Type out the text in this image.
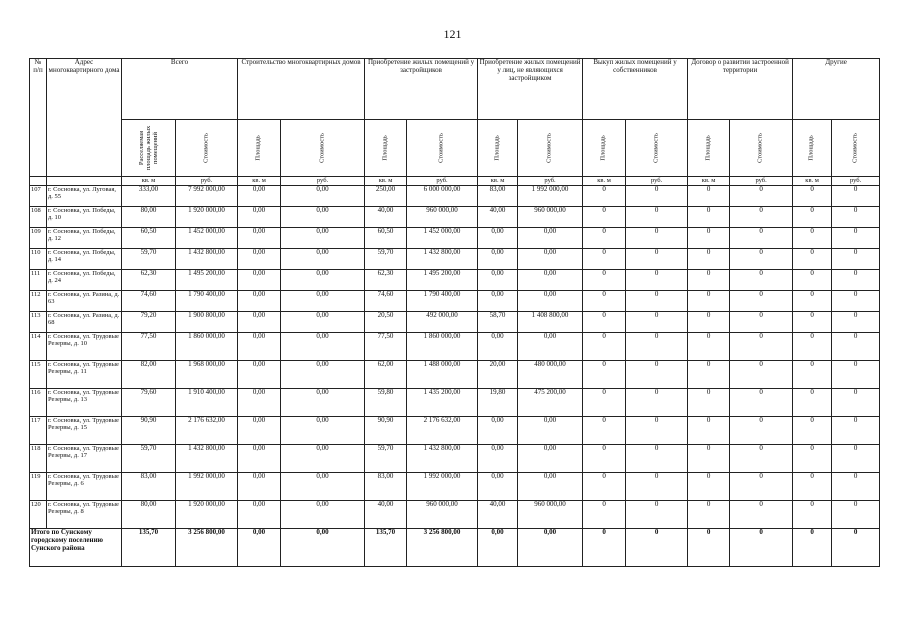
121
№ п/п	Адрес многоквартирного дома	Всего		Строительство многоквартирных домов		Приобретение жилых помещений у застройщиков		Приобретение жилых помещений у лиц, не являющихся застройщиком		Выкуп жилых помещений у собственников		Договор о развитии застроенной территории		Другие	

		Расселяемая площадь жилых помещений	Стоимость	Площадь	Стоимость	Площадь	Стоимость	Площадь	Стоимость	Площадь	Стоимость	Площадь	Стоимость	Площадь	Стоимость

		кв. м	руб.	кв. м	руб.	кв. м	руб.	кв. м	руб.	кв. м	руб.	кв. м	руб.	кв. м	руб.
107	г. Сосновка, ул. Луговая, д. 55	333,00	7 992 000,00	0,00	0,00	250,00	6 000 000,00	83,00	1 992 000,00	0	0	0	0	0	0
108	г. Сосновка, ул. Победы, д. 10	80,00	1 920 000,00	0,00	0,00	40,00	960 000,00	40,00	960 000,00	0	0	0	0	0	0
109	г. Сосновка, ул. Победы, д. 12	60,50	1 452 000,00	0,00	0,00	60,50	1 452 000,00	0,00	0,00	0	0	0	0	0	0
110	г. Сосновка, ул. Победы, д. 14	59,70	1 432 800,00	0,00	0,00	59,70	1 432 800,00	0,00	0,00	0	0	0	0	0	0
111	г. Сосновка, ул. Победы, д. 24	62,30	1 495 200,00	0,00	0,00	62,30	1 495 200,00	0,00	0,00	0	0	0	0	0	0
112	г. Сосновка, ул. Разина, д. 63	74,60	1 790 400,00	0,00	0,00	74,60	1 790 400,00	0,00	0,00	0	0	0	0	0	0
113	г. Сосновка, ул. Разина, д. 68	79,20	1 900 800,00	0,00	0,00	20,50	492 000,00	58,70	1 408 800,00	0	0	0	0	0	0
114	г. Сосновка, ул. Трудовые Резервы, д. 10	77,50	1 860 000,00	0,00	0,00	77,50	1 860 000,00	0,00	0,00	0	0	0	0	0	0
115	г. Сосновка, ул. Трудовые Резервы, д. 11	82,00	1 968 000,00	0,00	0,00	62,00	1 488 000,00	20,00	480 000,00	0	0	0	0	0	0
116	г. Сосновка, ул. Трудовые Резервы, д. 13	79,60	1 910 400,00	0,00	0,00	59,80	1 435 200,00	19,80	475 200,00	0	0	0	0	0	0
117	г. Сосновка, ул. Трудовые Резервы, д. 15	90,90	2 176 632,00	0,00	0,00	90,90	2 176 632,00	0,00	0,00	0	0	0	0	0	0
118	г. Сосновка, ул. Трудовые Резервы, д. 17	59,70	1 432 800,00	0,00	0,00	59,70	1 432 800,00	0,00	0,00	0	0	0	0	0	0
119	г. Сосновка, ул. Трудовые Резервы, д. 6	83,00	1 992 000,00	0,00	0,00	83,00	1 992 000,00	0,00	0,00	0	0	0	0	0	0
120	г. Сосновка, ул. Трудовые Резервы, д. 8	80,00	1 920 000,00	0,00	0,00	40,00	960 000,00	40,00	960 000,00	0	0	0	0	0	0
Итого по Сунскому городскому поселению Сунского района		135,70	3 256 800,00	0,00	0,00	135,70	3 256 800,00	0,00	0,00	0	0	0	0	0	0
